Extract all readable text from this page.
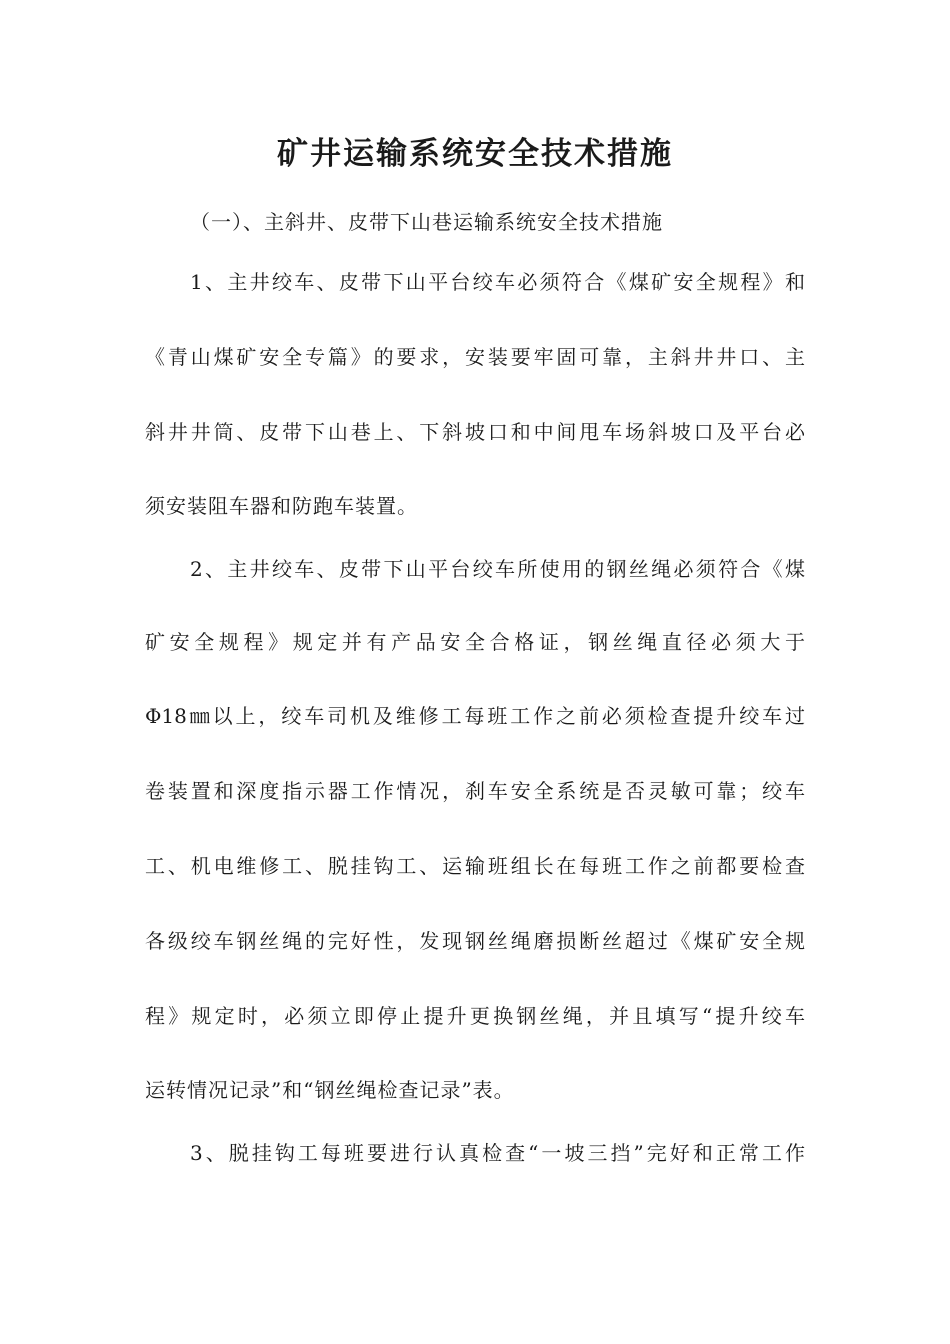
矿井运输系统安全技术措施
（一）、主斜井、皮带下山巷运输系统安全技术措施
1、主井绞车、皮带下山平台绞车必须符合《煤矿安全规程》和
《青山煤矿安全专篇》的要求，安装要牢固可靠，主斜井井口、主
斜井井筒、皮带下山巷上、下斜坡口和中间甩车场斜坡口及平台必
须安装阻车器和防跑车装置。
2、主井绞车、皮带下山平台绞车所使用的钢丝绳必须符合《煤
矿安全规程》规定并有产品安全合格证，钢丝绳直径必须大于
Φ18㎜以上，绞车司机及维修工每班工作之前必须检查提升绞车过
卷装置和深度指示器工作情况，刹车安全系统是否灵敏可靠；绞车
工、机电维修工、脱挂钩工、运输班组长在每班工作之前都要检查
各级绞车钢丝绳的完好性，发现钢丝绳磨损断丝超过《煤矿安全规
程》规定时，必须立即停止提升更换钢丝绳，并且填写“提升绞车
运转情况记录”和“钢丝绳检查记录”表。
3、脱挂钩工每班要进行认真检查“一坡三挡”完好和正常工作
